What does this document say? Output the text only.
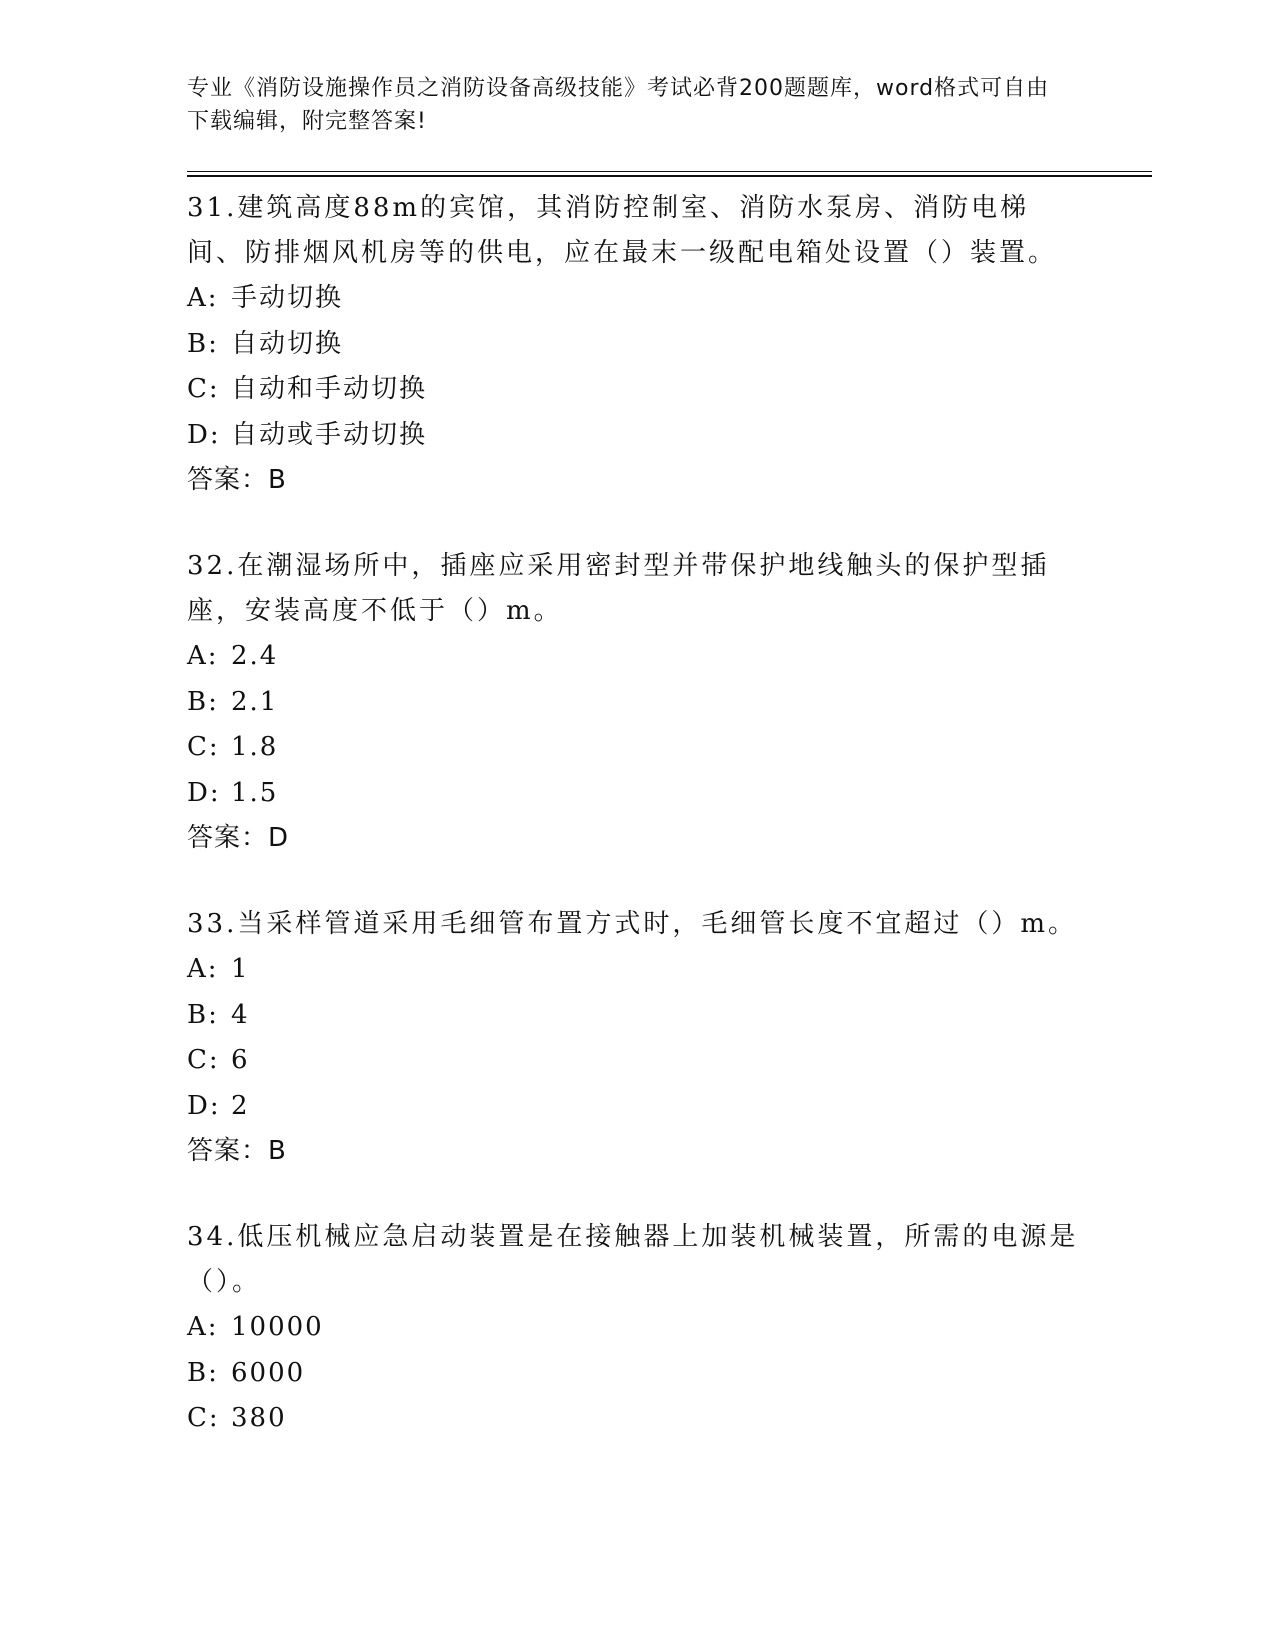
专业《消防设施操作员之消防设备高级技能》考试必背200题题库，word格式可自由下载编辑，附完整答案!

31.建筑高度88m的宾馆，其消防控制室、消防水泵房、消防电梯间、防排烟风机房等的供电，应在最末一级配电箱处设置（）装置。

A: 手动切换

B: 自动切换

C: 自动和手动切换

D: 自动或手动切换

答案：B

32.在潮湿场所中，插座应采用密封型并带保护地线触头的保护型插座，安装高度不低于（）m。

A: 2.4

B: 2.1

C: 1.8

D: 1.5

答案：D

33.当采样管道采用毛细管布置方式时，毛细管长度不宜超过（）m。

A: 1

B: 4

C: 6

D: 2

答案：B

34.低压机械应急启动装置是在接触器上加装机械装置，所需的电源是（）。

A: 10000

B: 6000

C: 380
